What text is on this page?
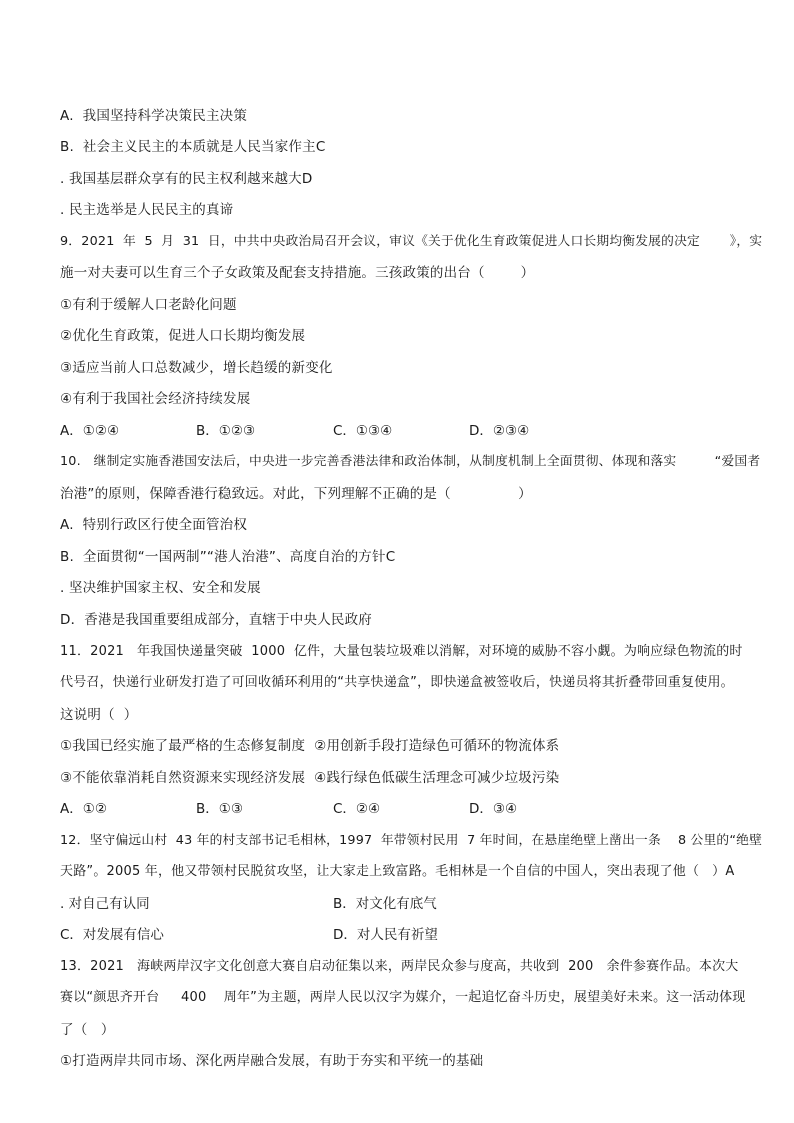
A.  我国坚持科学决策民主决策
B.  社会主义民主的本质就是人民当家作主C
. 我国基层群众享有的民主权利越来越大D
. 民主选举是人民民主的真谛
9．2021  年  5  月  31  日，中共中央政治局召开会议，审议《关于优化生育政策促进人口长期均衡发展的决定       》，实
施一对夫妻可以生育三个子女政策及配套支持措施。三孩政策的出台（        ）
①有利于缓解人口老龄化问题
②优化生育政策，促进人口长期均衡发展
③适应当前人口总数减少，增长趋缓的新变化
④有利于我国社会经济持续发展
A．①②④	B．①②③	C．①③④	D．②③④
10.   继制定实施香港国安法后，中央进一步完善香港法律和政治体制，从制度机制上全面贯彻、体现和落实         “爱国者
治港”的原则，保障香港行稳致远。对此，下列理解不正确的是（               ）
A.  特别行政区行使全面管治权
B.  全面贯彻“一国两制”“港人治港”、高度自治的方针C
. 坚决维护国家主权、安全和发展
D．香港是我国重要组成部分，直辖于中央人民政府
11．2021   年我国快递量突破  1000  亿件，大量包装垃圾难以消解，对环境的威胁不容小觑。为响应绿色物流的时
代号召，快递行业研发打造了可回收循环利用的“共享快递盒”，即快递盒被签收后，快递员将其折叠带回重复使用。
这说明（  ）
①我国已经实施了最严格的生态修复制度  ②用创新手段打造绿色可循环的物流体系
③不能依靠消耗自然资源来实现经济发展  ④践行绿色低碳生活理念可减少垃圾污染
A．①②	B．①③	C．②④	D．③④
12．坚守偏远山村  43 年的村支部书记毛相林，1997  年带领村民用  7 年时间，在悬崖绝壁上凿出一条    8 公里的“绝壁
天路”。2005 年，他又带领村民脱贫攻坚，让大家走上致富路。毛相林是一个自信的中国人，突出表现了他（   ）A
. 对自己有认同	B．对文化有底气
C．对发展有信心	D．对人民有祈望
13．2021   海峡两岸汉字文化创意大赛自启动征集以来，两岸民众参与度高，共收到  200   余件参赛作品。本次大
赛以“颜思齐开台     400    周年”为主题，两岸人民以汉字为媒介，一起追忆奋斗历史，展望美好未来。这一活动体现
了（   ）
①打造两岸共同市场、深化两岸融合发展，有助于夯实和平统一的基础
